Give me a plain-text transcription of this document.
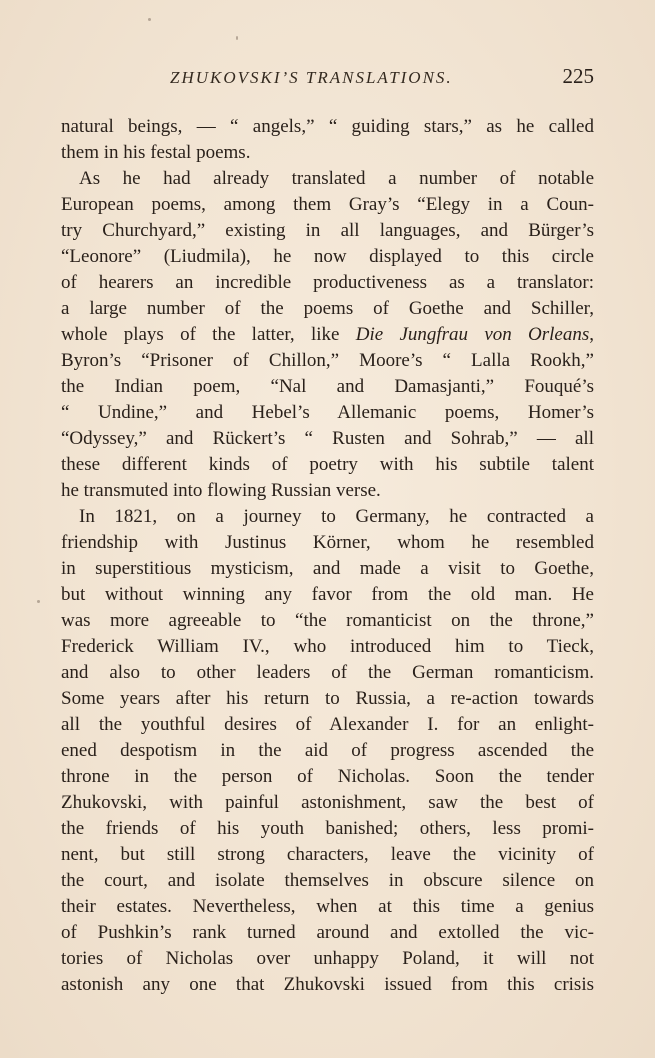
ZHUKOVSKI’S TRANSLATIONS.	225
natural beings, — “ angels,” “ guiding stars,” as he called
them in his festal poems.
As he had already translated a number of notable
European poems, among them Gray’s “Elegy in a Coun-
try Churchyard,” existing in all languages, and Bürger’s
“Leonore” (Liudmila), he now displayed to this circle
of hearers an incredible productiveness as a translator:
a large number of the poems of Goethe and Schiller,
whole plays of the latter, like Die Jungfrau von Orleans,
Byron’s “Prisoner of Chillon,” Moore’s “ Lalla Rookh,”
the Indian poem, “Nal and Damasjanti,” Fouqué’s
“ Undine,” and Hebel’s Allemanic poems, Homer’s
“Odyssey,” and Rückert’s “ Rusten and Sohrab,” — all
these different kinds of poetry with his subtile talent
he transmuted into flowing Russian verse.
In 1821, on a journey to Germany, he contracted a
friendship with Justinus Körner, whom he resembled
in superstitious mysticism, and made a visit to Goethe,
but without winning any favor from the old man. He
was more agreeable to “the romanticist on the throne,”
Frederick William IV., who introduced him to Tieck,
and also to other leaders of the German romanticism.
Some years after his return to Russia, a re-action towards
all the youthful desires of Alexander I. for an enlight-
ened despotism in the aid of progress ascended the
throne in the person of Nicholas. Soon the tender
Zhukovski, with painful astonishment, saw the best of
the friends of his youth banished; others, less promi-
nent, but still strong characters, leave the vicinity of
the court, and isolate themselves in obscure silence on
their estates. Nevertheless, when at this time a genius
of Pushkin’s rank turned around and extolled the vic-
tories of Nicholas over unhappy Poland, it will not
astonish any one that Zhukovski issued from this crisis
